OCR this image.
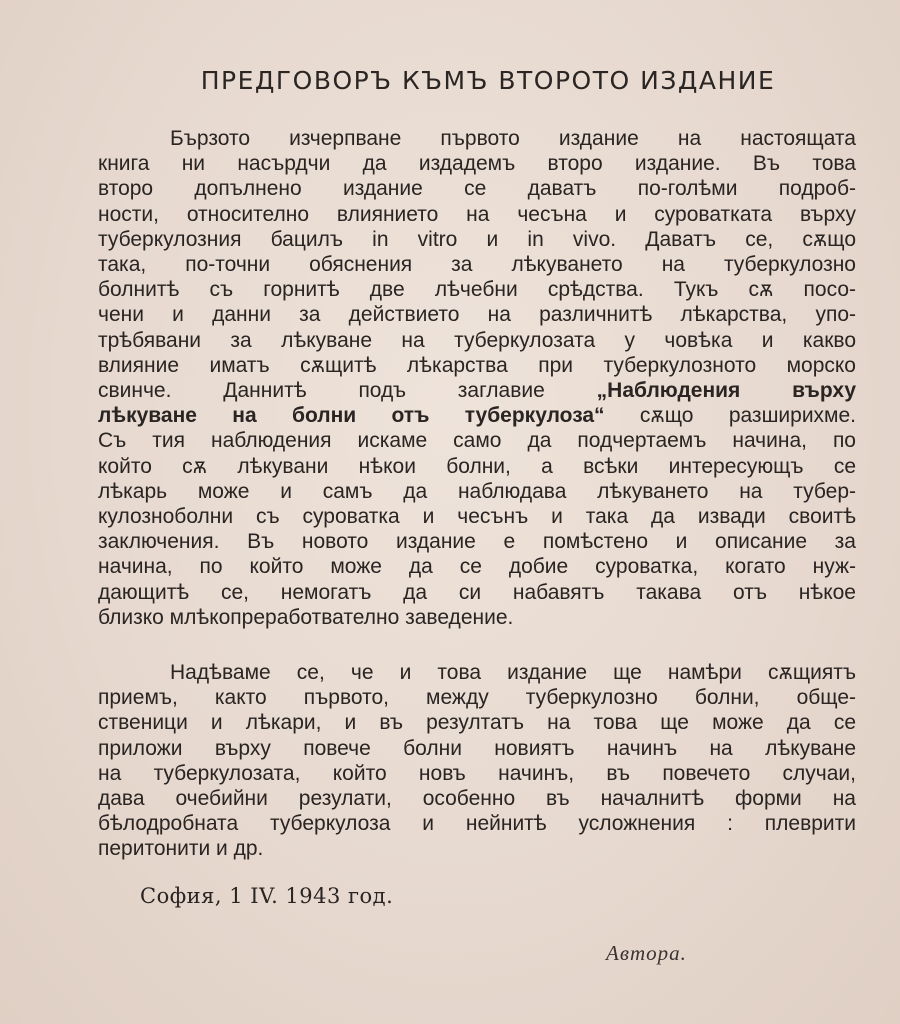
ПРЕДГОВОРЪ КЪМЪ ВТОРОТО ИЗДАНИЕ
Бързото изчерпване първото издание на настоящата
книга ни насърдчи да издадемъ второ издание. Въ това
второ допълнено издание се даватъ по-голѣми подроб-
ности, относително влиянието на чесъна и суроватката върху
туберкулозния бацилъ in vitro и in vivo. Даватъ се, сѫщо
така, по-точни обяснения за лѣкуването на туберкулозно
болнитѣ съ горнитѣ две лѣчебни срѣдства. Тукъ сѫ посо-
чени и данни за действието на различнитѣ лѣкарства, упо-
трѣбявани за лѣкуване на туберкулозата у човѣка и какво
влияние иматъ сѫщитѣ лѣкарства при туберкулозното морско
свинче. Даннитѣ подъ заглавие „Наблюдения върху
лѣкуване на болни отъ туберкулоза“ сѫщо разширихме.
Съ тия наблюдения искаме само да подчертаемъ начина, по
който сѫ лѣкувани нѣкои болни, а всѣки интересующъ се
лѣкарь може и самъ да наблюдава лѣкуването на тубер-
кулозноболни съ суроватка и чесънъ и така да извади своитѣ
заключения. Въ новото издание е помѣстено и описание за
начина, по който може да се добие суроватка, когато нуж-
дающитѣ се, немогатъ да си набавятъ такава отъ нѣкое
близко млѣкопреработвателно заведение.
Надѣваме се, че и това издание ще намѣри сѫщиятъ
приемъ, както първото, между туберкулозно болни, обще-
ственици и лѣкари, и въ резултатъ на това ще може да се
приложи върху повече болни новиятъ начинъ на лѣкуване
на туберкулозата, който новъ начинъ, въ повечето случаи,
дава очебийни резулати, особенно въ началнитѣ форми на
бѣлодробната туберкулоза и нейнитѣ усложнения : плеврити
перитонити и др.
София, 1 IV. 1943 год.
Автора.
